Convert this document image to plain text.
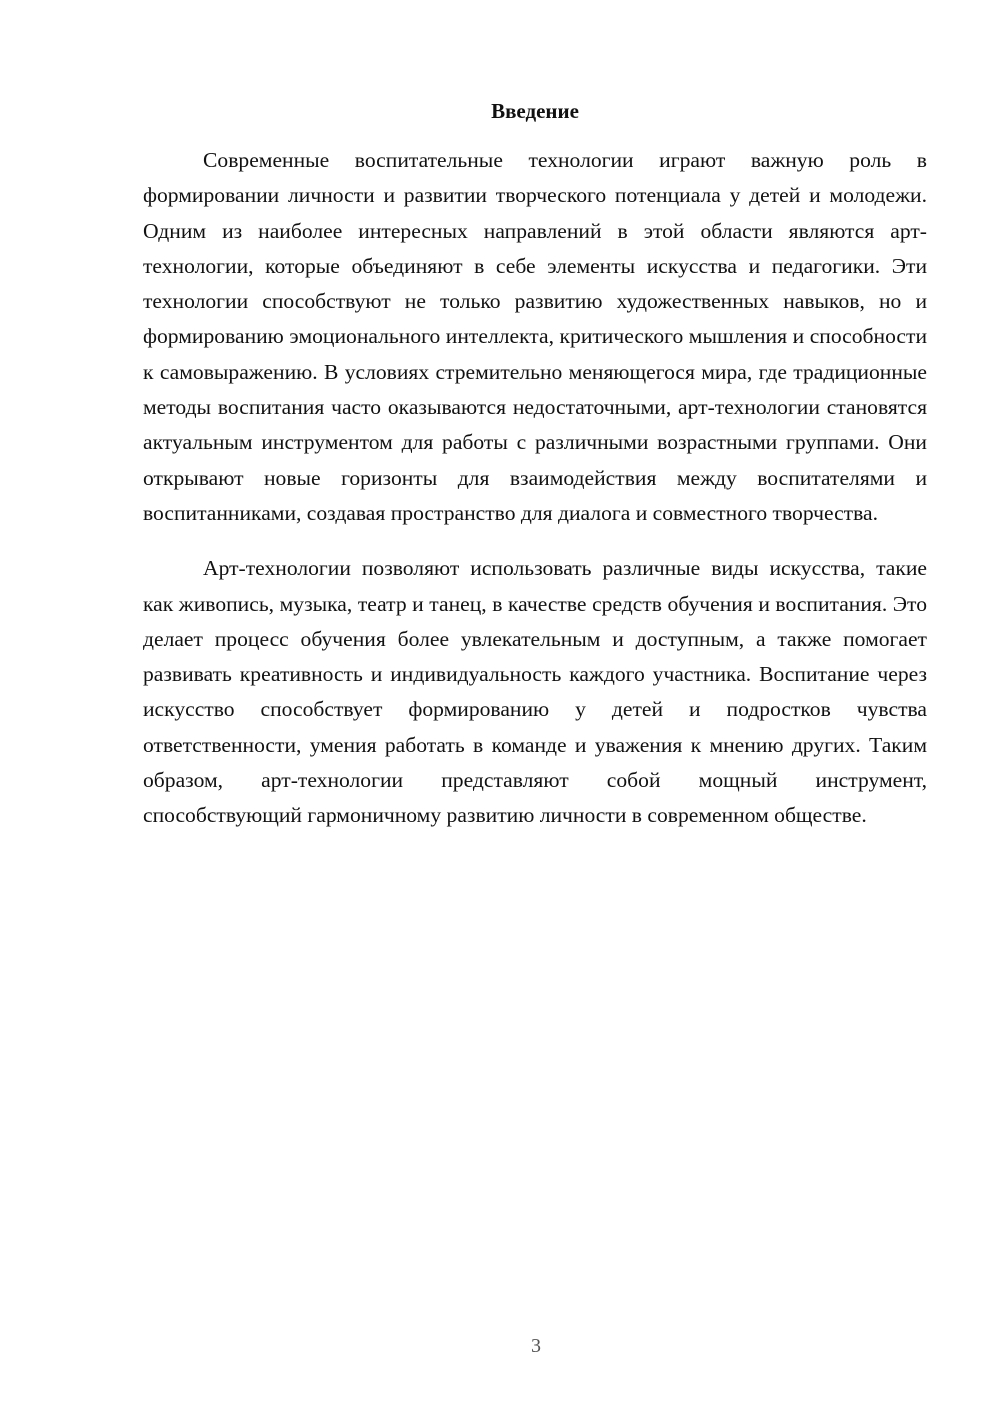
Введение

Современные воспитательные технологии играют важную роль в формировании личности и развитии творческого потенциала у детей и молодежи. Одним из наиболее интересных направлений в этой области являются арт-технологии, которые объединяют в себе элементы искусства и педагогики. Эти технологии способствуют не только развитию художественных навыков, но и формированию эмоционального интеллекта, критического мышления и способности к самовыражению. В условиях стремительно меняющегося мира, где традиционные методы воспитания часто оказываются недостаточными, арт-технологии становятся актуальным инструментом для работы с различными возрастными группами. Они открывают новые горизонты для взаимодействия между воспитателями и воспитанниками, создавая пространство для диалога и совместного творчества.

Арт-технологии позволяют использовать различные виды искусства, такие как живопись, музыка, театр и танец, в качестве средств обучения и воспитания. Это делает процесс обучения более увлекательным и доступным, а также помогает развивать креативность и индивидуальность каждого участника. Воспитание через искусство способствует формированию у детей и подростков чувства ответственности, умения работать в команде и уважения к мнению других. Таким образом, арт-технологии представляют собой мощный инструмент, способствующий гармоничному развитию личности в современном обществе.

3
